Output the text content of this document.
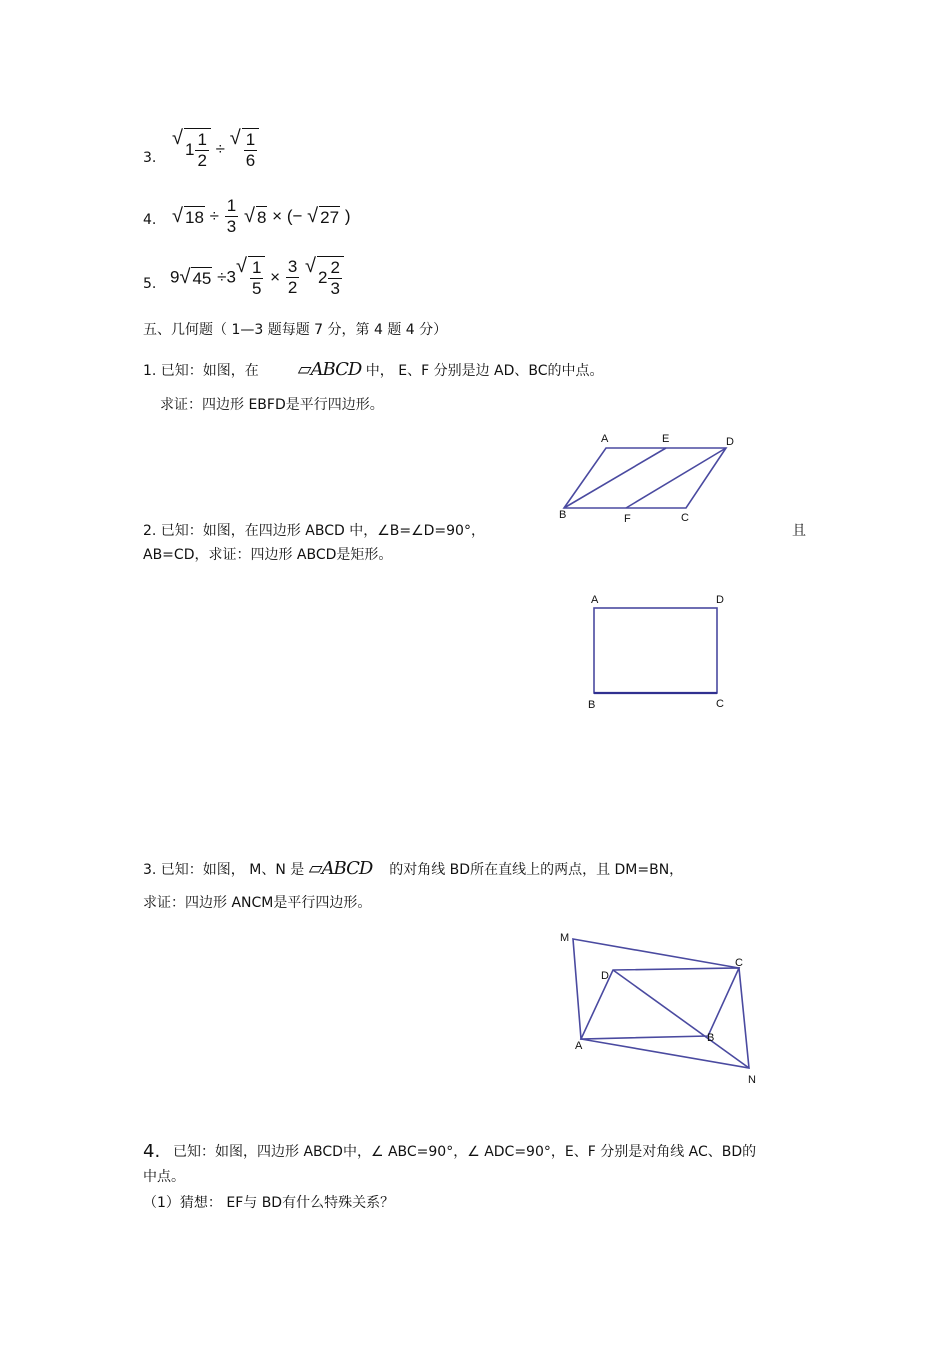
3.
√
$1 \frac{1}{2}$ ÷ √ $\frac{1}{6}$
4. √ $18 \div \frac{1}{3}$
√ 8 × (− √ 27 )
5. 9 √ 45 ÷3 √ $\frac{1}{5} \times \frac{3}{2}$
√
$2 \frac{2}{3}$
五、几何题（ 1—3 题每题 7 分，第 4 题 4 分）
1. 已知：如图，在 ▱ABCD 中， E、F 分别是边 AD、BC的中点。
求证：四边形 EBFD是平行四边形。
A	E	D
B	F	C
2. 已知：如图，在四边形 ABCD 中，∠B=∠D=90°，	且
AB=CD，求证：四边形 ABCD是矩形。
A	D
B	C
3. 已知：如图， M、N 是 ▱ABCD 的对角线 BD所在直线上的两点，且 DM=BN，
求证：四边形 ANCM是平行四边形。
M
D
C
A
B
N
4. 已知：如图，四边形 ABCD中，∠ ABC=90°，∠ ADC=90°，E、F 分别是对角线 AC、BD的
中点。
（1）猜想： EF与 BD有什么特殊关系？
